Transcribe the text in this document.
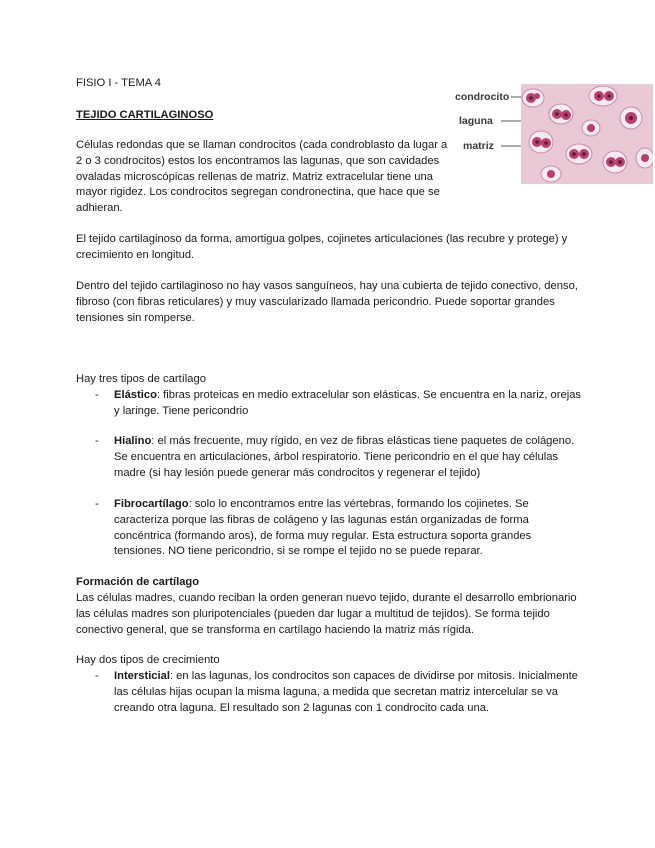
FISIO I - TEMA 4
TEJIDO CARTILAGINOSO

Células redondas que se llaman condrocitos (cada condroblasto da lugar a 2 o 3 condrocitos) estos los encontramos las lagunas, que son cavidades ovaladas microscópicas rellenas de matriz. Matriz extracelular tiene una mayor rigidez. Los condrocitos segregan condronectina, que hace que se adhieran.

condrocito
laguna
matriz

El tejido cartilaginoso da forma, amortigua golpes, cojinetes articulaciones (las recubre y protege) y crecimiento en longitud.

Dentro del tejido cartilaginoso no hay vasos sanguíneos, hay una cubierta de tejido conectivo, denso, fibroso (con fibras reticulares) y muy vascularizado llamada pericondrio. Puede soportar grandes tensiones sin romperse.

Hay tres tipos de cartílago
- Elástico: fibras proteicas en medio extracelular son elásticas. Se encuentra en la nariz, orejas y laringe. Tiene pericondrio
- Hialino: el más frecuente, muy rígido, en vez de fibras elásticas tiene paquetes de colágeno. Se encuentra en articulaciones, árbol respiratorio. Tiene pericondrio en el que hay células madre (si hay lesión puede generar más condrocitos y regenerar el tejido)
- Fibrocartílago: solo lo encontramos entre las vértebras, formando los cojinetes. Se caracteriza porque las fibras de colágeno y las lagunas están organizadas de forma concéntrica (formando aros), de forma muy regular. Esta estructura soporta grandes tensiones. NO tiene pericondrio, si se rompe el tejido no se puede reparar.
Formación de cartílago

Las células madres, cuando reciban la orden generan nuevo tejido, durante el desarrollo embrionario las células madres son pluripotenciales (pueden dar lugar a multitud de tejidos). Se forma tejido conectivo general, que se transforma en cartílago haciendo la matriz más rígida.

Hay dos tipos de crecimiento
- Intersticial: en las lagunas, los condrocitos son capaces de dividirse por mitosis. Inicialmente las células hijas ocupan la misma laguna, a medida que secretan matriz intercelular se va creando otra laguna. El resultado son 2 lagunas con 1 condrocito cada una.
